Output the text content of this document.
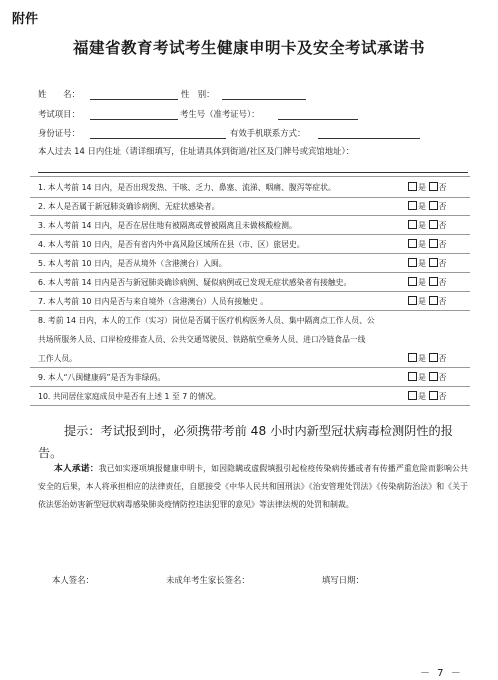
附件
福建省教育考试考生健康申明卡及安全考试承诺书
姓　　名：	性　别：
考试项目：	考生号（准考证号）：
身份证号：	有效手机联系方式：
本人过去 14 日内住址（请详细填写，住址请具体到街道/社区及门牌号或宾馆地址）：
1. 本人考前 14 日内，是否出现发热、干咳、乏力、鼻塞、流涕、咽痛、腹泻等症状。	是 否
2. 本人是否属于新冠肺炎确诊病例、无症状感染者。	是 否
3. 本人考前 14 日内，是否在居住地有被隔离或曾被隔离且未做核酸检测。	是 否
4. 本人考前 10 日内，是否有省内外中高风险区域所在县（市、区）旅居史。	是 否
5. 本人考前 10 日内，是否从境外（含港澳台）入闽。	是 否
6. 本人考前 14 日内是否与新冠肺炎确诊病例、疑似病例或已发现无症状感染者有接触史。	是 否
7. 本人考前 10 日内是否与来自境外（含港澳台）人员有接触史 。	是 否
8. 考前 14 日内，本人的工作（实习）岗位是否属于医疗机构医务人员、集中隔离点工作人员、公
共场所服务人员、口岸检疫排查人员、公共交通驾驶员、铁路航空乘务人员、进口冷链食品一线
工作人员。	是 否
9. 本人“八闽健康码”是否为非绿码。	是 否
10. 共同居住家庭成员中是否有上述 1 至 7 的情况。	是 否
提示：考试报到时，必须携带考前 48 小时内新型冠状病毒检测阴性的报告。
本人承诺：我已如实逐项填报健康申明卡，如因隐瞒或虚假填报引起检疫传染病传播或者有传播严重危险而影响公共安全的后果，本人将承担相应的法律责任，自愿接受《中华人民共和国刑法》《治安管理处罚法》《传染病防治法》和《关于依法惩治妨害新型冠状病毒感染肺炎疫情防控违法犯罪的意见》等法律法规的处罚和制裁。
本人签名：	未成年考生家长签名：	填写日期：
－ 7 －
